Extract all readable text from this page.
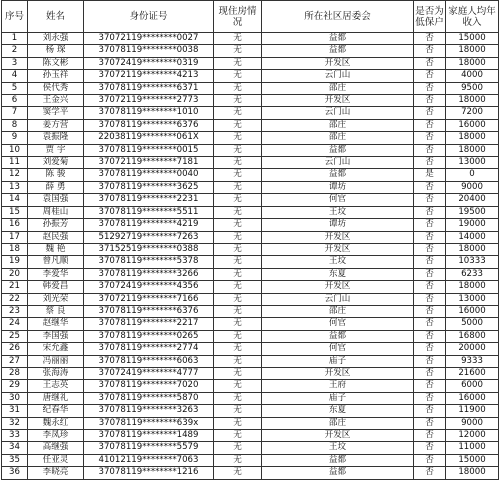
序号	姓名	身份证号	现住房情况	所在社区居委会	是否为低保户	家庭人均年收入
1	刘永强	37072119********0027	无	益都	否	15000
2	杨 琛	37078119********0038	无	益都	否	18000
3	陈文彬	37072419********0319	无	开发区	否	18000
4	孙玉祥	37072119********4213	无	云门山	否	4000
5	侯代秀	37078119********6371	无	邵庄	否	9500
6	王金兴	37072119********2773	无	开发区	否	18000
7	窦学平	37078119********1010	无	云门山	否	7200
8	姜方营	37078119********6376	无	邵庄	否	16000
9	袁振隆	22038119********061X	无	邵庄	否	18000
10	贾 宇	37078119********0015	无	益都	否	18000
11	刘爱菊	37072119********7181	无	云门山	否	13000
12	陈 骏	37078119********0040	无	益都	是	0
13	薛 勇	37078119********3625	无	谭坊	否	9000
14	袁国强	37078119********2231	无	何官	否	20400
15	周桂山	37078119********5511	无	王坟	否	19500
16	孙振芳	37078119********4219	无	谭坊	否	19000
17	赵民强	51292719********7263	无	开发区	否	14000
18	魏 艳	37152519********0388	无	开发区	否	18000
19	曾凡顺	37078119********5378	无	王坟	否	10333
20	李爱华	37078119********3266	无	东夏	否	6233
21	韩爱昌	37072419********4356	无	开发区	否	18000
22	刘光荣	37072119********7166	无	云门山	否	13000
23	蔡 良	37078119********6376	无	邵庄	否	16000
24	赵继华	37078119********2217	无	何官	否	5000
25	李国强	37078119********0265	无	益都	否	16800
26	宋允鑫	37078119********2774	无	何官	否	20000
27	冯丽丽	37078119********6063	无	庙子	否	9333
28	张海涛	37072419********4777	无	开发区	否	21600
29	王志英	37078119********7020	无	王府	否	6000
30	唐继礼	37078119********5870	无	庙子	否	16000
31	纪春华	37078119********3263	无	东夏	否	11900
32	魏永红	37078119********639x	无	邵庄	否	9000
33	李凤珍	37078119********1489	无	开发区	否	12000
34	高继强	37078119********5579	无	王坟	否	11000
35	任亚灵	41012119********7063	无	益都	否	15000
36	李晓亮	37078119********1216	无	益都	否	18000
